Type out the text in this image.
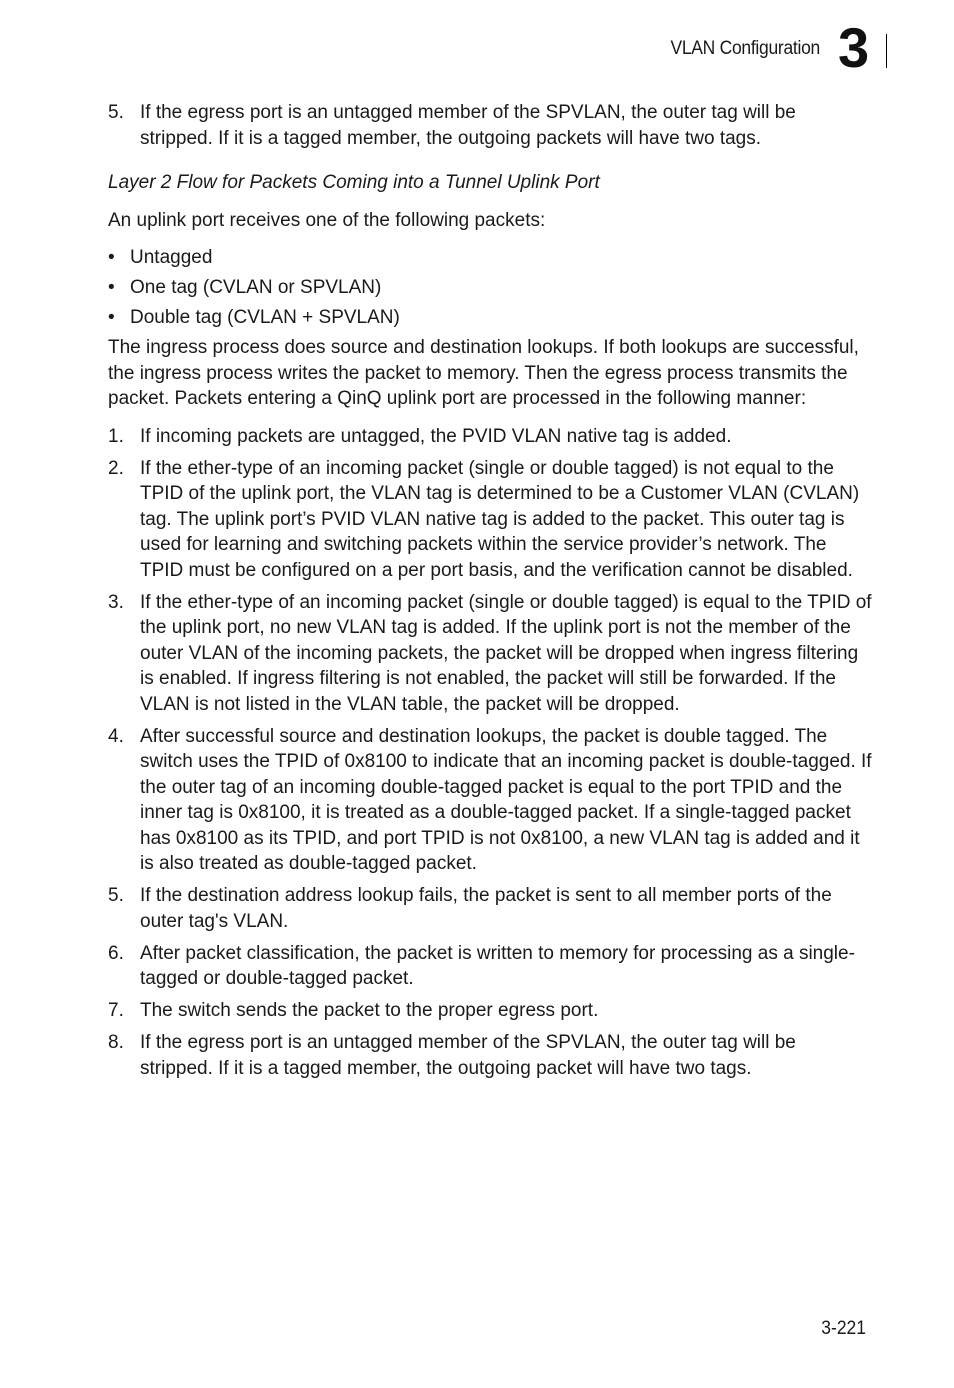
VLAN Configuration 3
5. If the egress port is an untagged member of the SPVLAN, the outer tag will be stripped. If it is a tagged member, the outgoing packets will have two tags.
Layer 2 Flow for Packets Coming into a Tunnel Uplink Port

An uplink port receives one of the following packets:

• Untagged
• One tag (CVLAN or SPVLAN)
• Double tag (CVLAN + SPVLAN)

The ingress process does source and destination lookups. If both lookups are successful, the ingress process writes the packet to memory. Then the egress process transmits the packet. Packets entering a QinQ uplink port are processed in the following manner:

1. If incoming packets are untagged, the PVID VLAN native tag is added.
2. If the ether-type of an incoming packet (single or double tagged) is not equal to the TPID of the uplink port, the VLAN tag is determined to be a Customer VLAN (CVLAN) tag. The uplink port’s PVID VLAN native tag is added to the packet. This outer tag is used for learning and switching packets within the service provider’s network. The TPID must be configured on a per port basis, and the verification cannot be disabled.
3. If the ether-type of an incoming packet (single or double tagged) is equal to the TPID of the uplink port, no new VLAN tag is added. If the uplink port is not the member of the outer VLAN of the incoming packets, the packet will be dropped when ingress filtering is enabled. If ingress filtering is not enabled, the packet will still be forwarded. If the VLAN is not listed in the VLAN table, the packet will be dropped.
4. After successful source and destination lookups, the packet is double tagged. The switch uses the TPID of 0x8100 to indicate that an incoming packet is double-tagged. If the outer tag of an incoming double-tagged packet is equal to the port TPID and the inner tag is 0x8100, it is treated as a double-tagged packet. If a single-tagged packet has 0x8100 as its TPID, and port TPID is not 0x8100, a new VLAN tag is added and it is also treated as double-tagged packet.
5. If the destination address lookup fails, the packet is sent to all member ports of the outer tag's VLAN.
6. After packet classification, the packet is written to memory for processing as a single-tagged or double-tagged packet.
7. The switch sends the packet to the proper egress port.
8. If the egress port is an untagged member of the SPVLAN, the outer tag will be stripped. If it is a tagged member, the outgoing packet will have two tags.
3-221
